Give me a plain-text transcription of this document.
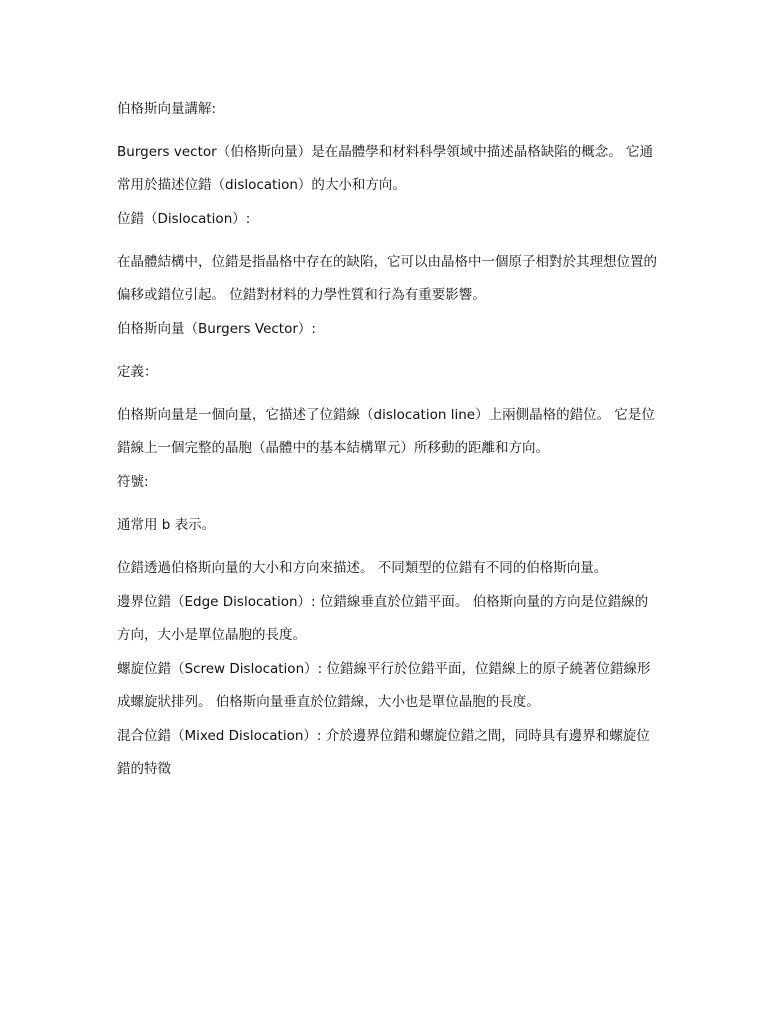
伯格斯向量講解:

Burgers vector（伯格斯向量）是在晶體學和材料科學領域中描述晶格缺陷的概念。 它通常用於描述位錯（dislocation）的大小和方向。

位錯（Dislocation）:

在晶體結構中，位錯是指晶格中存在的缺陷，它可以由晶格中一個原子相對於其理想位置的偏移或錯位引起。 位錯對材料的力學性質和行為有重要影響。

伯格斯向量（Burgers Vector）:

定義：

伯格斯向量是一個向量，它描述了位錯線（dislocation line）上兩側晶格的錯位。 它是位錯線上一個完整的晶胞（晶體中的基本結構單元）所移動的距離和方向。

符號:

通常用 b 表示。

位錯透過伯格斯向量的大小和方向來描述。 不同類型的位錯有不同的伯格斯向量。

邊界位錯（Edge Dislocation）: 位錯線垂直於位錯平面。 伯格斯向量的方向是位錯線的方向，大小是單位晶胞的長度。

螺旋位錯（Screw Dislocation）: 位錯線平行於位錯平面，位錯線上的原子繞著位錯線形成螺旋狀排列。 伯格斯向量垂直於位錯線，大小也是單位晶胞的長度。

混合位錯（Mixed Dislocation）: 介於邊界位錯和螺旋位錯之間，同時具有邊界和螺旋位錯的特徵
